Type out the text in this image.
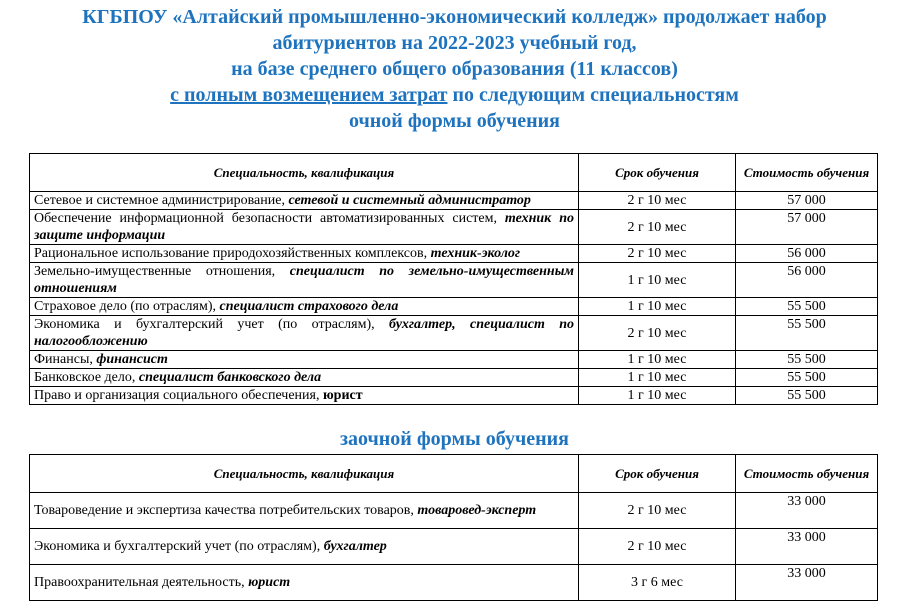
КГБПОУ «Алтайский промышленно-экономический колледж» продолжает набор
абитуриентов на 2022-2023 учебный год,
на базе среднего общего образования (11 классов)
с полным возмещением затрат по следующим специальностям
очной формы обучения
Специальность, квалификация	Срок обучения	Стоимость обучения
Сетевое и системное администрирование, сетевой и системный администратор	2 г 10 мес	57 000
Обеспечение информационной безопасности автоматизированных систем, техник по защите информации	2 г 10 мес	57 000
Рациональное использование природохозяйственных комплексов, техник-эколог	2 г 10 мес	56 000
Земельно-имущественные отношения, специалист по земельно-имущественным отношениям	1 г 10 мес	56 000
Страховое дело (по отраслям), специалист страхового дела	1 г 10 мес	55 500
Экономика и бухгалтерский учет (по отраслям), бухгалтер, специалист по налогообложению	2 г 10 мес	55 500
Финансы, финансист	1 г 10 мес	55 500
Банковское дело, специалист банковского дела	1 г 10 мес	55 500
Право и организация социального обеспечения, юрист	1 г 10 мес	55 500
заочной формы обучения
Специальность, квалификация	Срок обучения	Стоимость обучения
Товароведение и экспертиза качества потребительских товаров, товаровед-эксперт	2 г 10 мес	33 000
Экономика и бухгалтерский учет (по отраслям), бухгалтер	2 г 10 мес	33 000
Правоохранительная деятельность, юрист	3 г 6 мес	33 000
